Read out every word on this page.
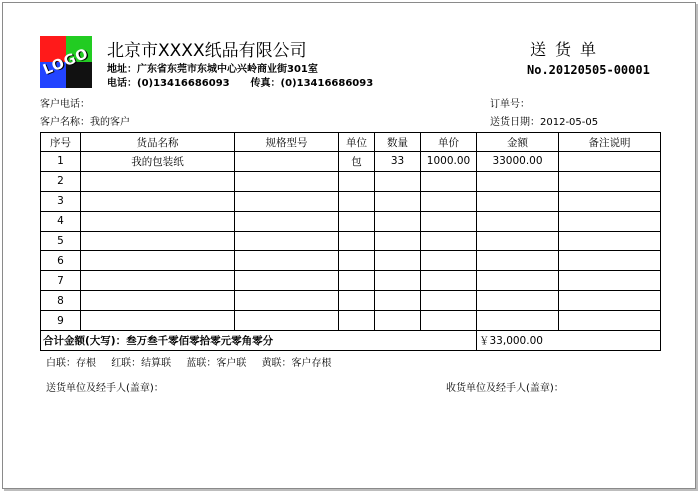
LOGO 北京市XXXX纸品有限公司
地址：广东省东莞市东城中心兴岭商业街301室
电话：(0)13416686093      传真：(0)13416686093
送货单
No.20120505-00001
客户电话：
客户名称：我的客户
订单号：
送货日期：2012-05-05
序号	货品名称	规格型号	单位	数量	单价	金额	备注说明
1	我的包装纸		包	33	1000.00	33000.00	
2							
3							
4							
5							
6							
7							
8							
9							
合计金额(大写)：叁万叁千零佰零拾零元零角零分						￥33,000.00	
白联：存根 红联：结算联 蓝联：客户联 黄联：客户存根
送货单位及经手人(盖章)：	收货单位及经手人(盖章)：
